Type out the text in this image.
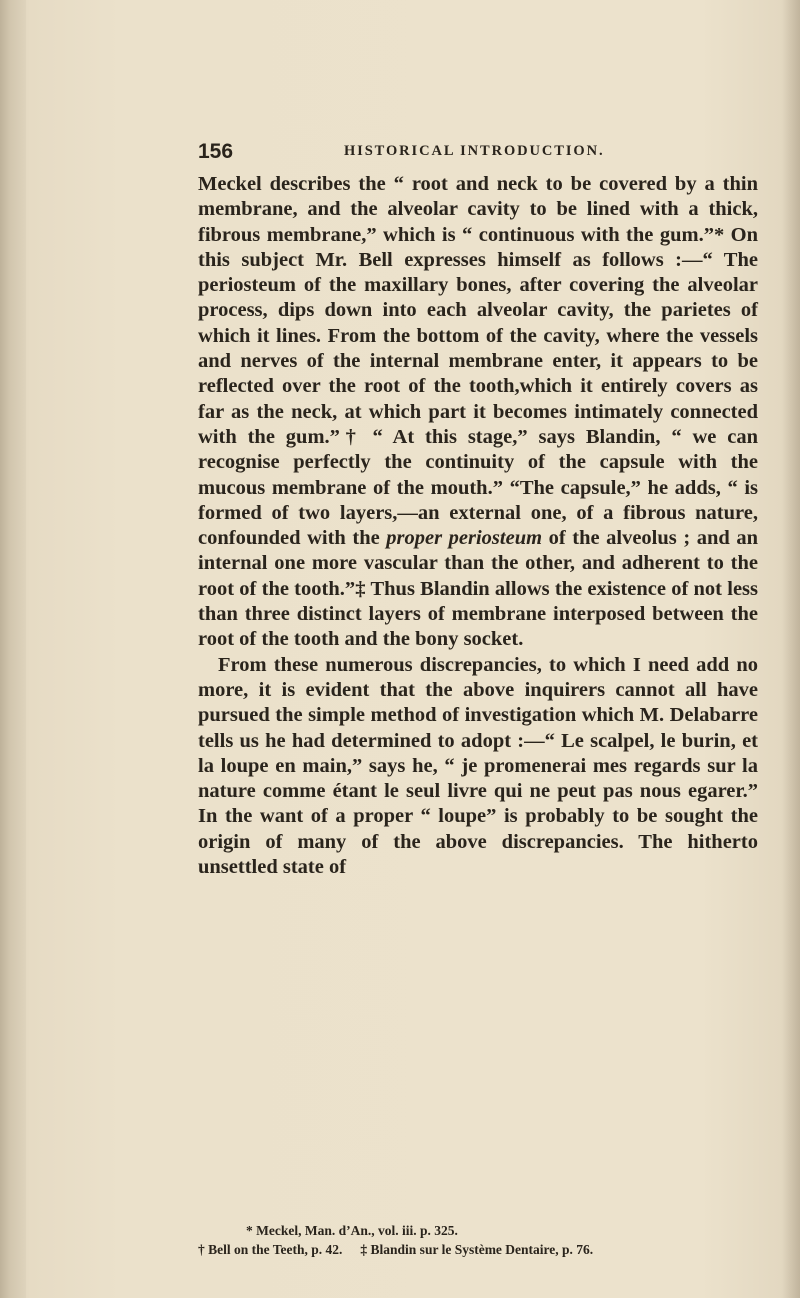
156	HISTORICAL INTRODUCTION.

Meckel describes the “ root and neck to be covered by a thin membrane, and the alveolar cavity to be lined with a thick, fibrous membrane,” which is “ continuous with the gum.”* On this subject Mr. Bell expresses himself as follows :—“ The periosteum of the maxillary bones, after covering the alveolar process, dips down into each alveolar cavity, the parietes of which it lines. From the bottom of the cavity, where the vessels and nerves of the internal membrane enter, it appears to be reflected over the root of the tooth,which it entirely covers as far as the neck, at which part it becomes intimately connected with the gum.”† “ At this stage,” says Blandin, “ we can recognise perfectly the continuity of the capsule with the mucous membrane of the mouth.” “The capsule,” he adds, “ is formed of two layers,—an external one, of a fibrous nature, confounded with the proper periosteum of the alveolus ; and an internal one more vascular than the other, and adherent to the root of the tooth.”‡ Thus Blandin allows the existence of not less than three distinct layers of membrane interposed between the root of the tooth and the bony socket.

From these numerous discrepancies, to which I need add no more, it is evident that the above inquirers cannot all have pursued the simple method of investigation which M. Delabarre tells us he had determined to adopt :—“ Le scalpel, le burin, et la loupe en main,” says he, “ je promenerai mes regards sur la nature comme étant le seul livre qui ne peut pas nous egarer.” In the want of a proper “ loupe” is probably to be sought the origin of many of the above discrepancies. The hitherto unsettled state of

* Meckel, Man. d’An., vol. iii. p. 325.
† Bell on the Teeth, p. 42. ‡ Blandin sur le Système Dentaire, p. 76.
